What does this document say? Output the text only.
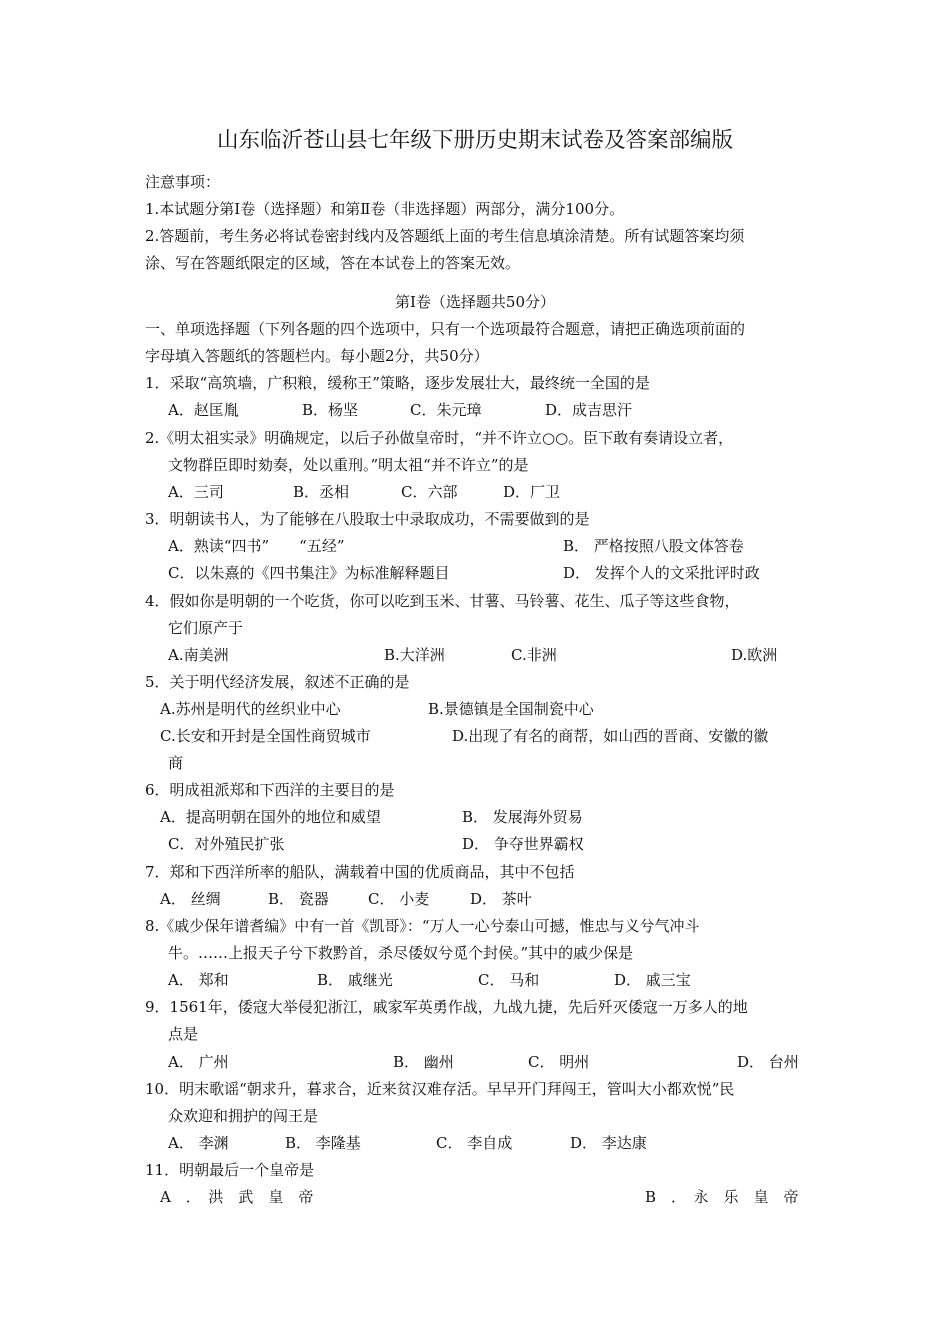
山东临沂苍山县七年级下册历史期末试卷及答案部编版
注意事项：
1.本试题分第Ⅰ卷（选择题）和第Ⅱ卷（非选择题）两部分，满分100分。
2.答题前，考生务必将试卷密封线内及答题纸上面的考生信息填涂清楚。所有试题答案均须
涂、写在答题纸限定的区域，答在本试卷上的答案无效。
第Ⅰ卷（选择题共50分）
一、单项选择题（下列各题的四个选项中，只有一个选项最符合题意，请把正确选项前面的
字母填入答题纸的答题栏内。每小题2分，共50分）
1．采取“高筑墙，广积粮，缓称王”策略，逐步发展壮大，最终统一全国的是
A．赵匡胤	B．杨坚	C．朱元璋	D．成吉思汗
2.《明太祖实录》明确规定，以后子孙做皇帝时，“并不许立○○。臣下敢有奏请设立者，
文物群臣即时劾奏，处以重刑。”明太祖“并不许立”的是
A．三司	B．丞相	C．六部	D．厂卫
3．明朝读书人，为了能够在八股取士中录取成功，不需要做到的是
A．熟读“四书”　　“五经”	B． 严格按照八股文体答卷
C．以朱熹的《四书集注》为标准解释题目	D． 发挥个人的文采批评时政
4．假如你是明朝的一个吃货，你可以吃到玉米、甘薯、马铃薯、花生、瓜子等这些食物，
它们原产于
A.南美洲	B.大洋洲	C.非洲	D.欧洲
5．关于明代经济发展，叙述不正确的是
A.苏州是明代的丝织业中心	B.景德镇是全国制瓷中心
C.长安和开封是全国性商贸城市	D.出现了有名的商帮，如山西的晋商、安徽的徽
商
6．明成祖派郑和下西洋的主要目的是
A．提高明朝在国外的地位和威望	B． 发展海外贸易
C．对外殖民扩张	D． 争夺世界霸权
7．郑和下西洋所率的船队，满载着中国的优质商品，其中不包括
A． 丝绸	B． 瓷器	C． 小麦	D． 茶叶
8.《戚少保年谱耆编》中有一首《凯哥》：“万人一心兮泰山可撼，惟忠与义兮气冲斗
牛。……上报天子兮下救黔首，杀尽倭奴兮觅个封侯。”其中的戚少保是
A． 郑和	B． 戚继光	C． 马和	D． 戚三宝
9．1561年，倭寇大举侵犯浙江，戚家军英勇作战，九战九捷，先后歼灭倭寇一万多人的地
点是
A． 广州	B． 幽州	C． 明州	D． 台州
10．明末歌谣“朝求升，暮求合，近来贫汉难存活。早早开门拜闯王，管叫大小都欢悦”民
众欢迎和拥护的闯王是
A． 李渊	B． 李隆基	C． 李自成	D． 李达康
11．明朝最后一个皇帝是
A　．　洪　武　皇　帝	B　．　永　乐　皇　帝
